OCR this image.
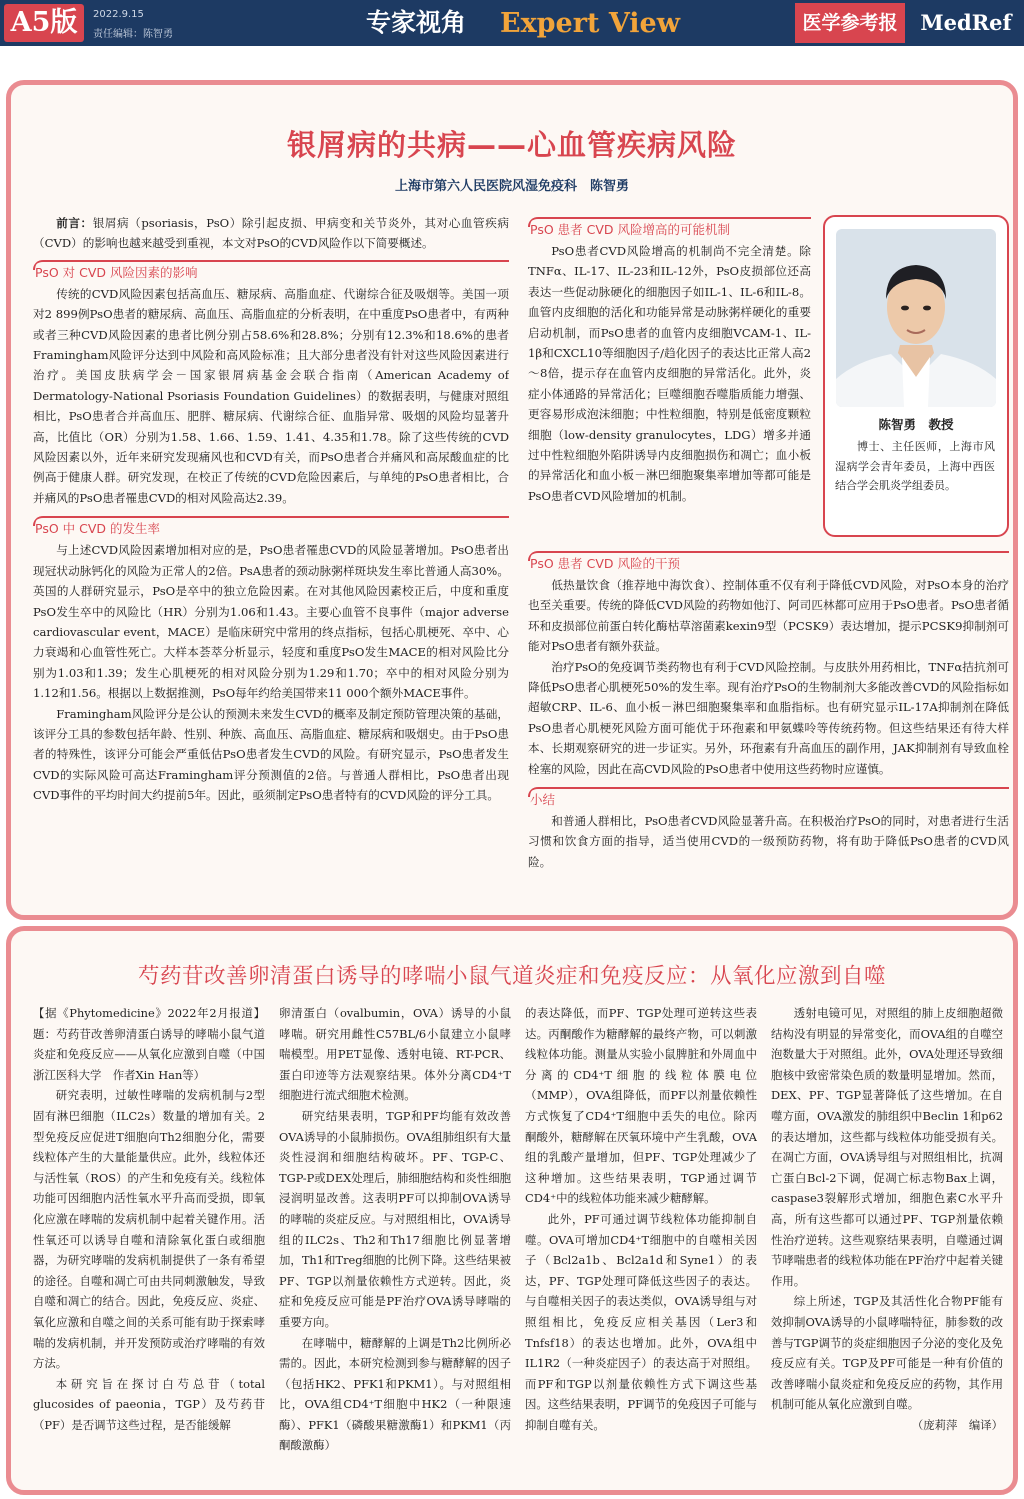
A5版	2022.9.15
责任编辑：陈智勇	专家视角 Expert View	医学参考报	MedRef
银屑病的共病——心血管疾病风险
上海市第六人民医院风湿免疫科　陈智勇

前言：银屑病（psoriasis，PsO）除引起皮损、甲病变和关节炎外，其对心血管疾病（CVD）的影响也越来越受到重视，本文对PsO的CVD风险作以下简要概述。

PsO 对 CVD 风险因素的影响

传统的CVD风险因素包括高血压、糖尿病、高脂血症、代谢综合征及吸烟等。美国一项对2 899例PsO患者的糖尿病、高血压、高脂血症的分析表明，在中重度PsO患者中，有两种或者三种CVD风险因素的患者比例分别占58.6%和28.8%；分别有12.3%和18.6%的患者Framingham风险评分达到中风险和高风险标准；且大部分患者没有针对这些风险因素进行治疗。美国皮肤病学会－国家银屑病基金会联合指南（American Academy of Dermatology-National Psoriasis Foundation Guidelines）的数据表明，与健康对照组相比，PsO患者合并高血压、肥胖、糖尿病、代谢综合征、血脂异常、吸烟的风险均显著升高，比值比（OR）分别为1.58、1.66、1.59、1.41、4.35和1.78。除了这些传统的CVD风险因素以外，近年来研究发现痛风也和CVD有关，而PsO患者合并痛风和高尿酸血症的比例高于健康人群。研究发现，在校正了传统的CVD危险因素后，与单纯的PsO患者相比，合并痛风的PsO患者罹患CVD的相对风险高达2.39。

PsO 中 CVD 的发生率

与上述CVD风险因素增加相对应的是，PsO患者罹患CVD的风险显著增加。PsO患者出现冠状动脉钙化的风险为正常人的2倍。PsA患者的颈动脉粥样斑块发生率比普通人高30%。英国的人群研究显示，PsO是卒中的独立危险因素。在对其他风险因素校正后，中度和重度PsO发生卒中的风险比（HR）分别为1.06和1.43。主要心血管不良事件（major adverse cardiovascular event，MACE）是临床研究中常用的终点指标，包括心肌梗死、卒中、心力衰竭和心血管性死亡。大样本荟萃分析显示，轻度和重度PsO发生MACE的相对风险比分别为1.03和1.39；发生心肌梗死的相对风险分别为1.29和1.70；卒中的相对风险分别为1.12和1.56。根据以上数据推测，PsO每年约给美国带来11 000个额外MACE事件。

Framingham风险评分是公认的预测未来发生CVD的概率及制定预防管理决策的基础，该评分工具的参数包括年龄、性别、种族、高血压、高脂血症、糖尿病和吸烟史。由于PsO患者的特殊性，该评分可能会严重低估PsO患者发生CVD的风险。有研究显示，PsO患者发生CVD的实际风险可高达Framingham评分预测值的2倍。与普通人群相比，PsO患者出现CVD事件的平均时间大约提前5年。因此，亟须制定PsO患者特有的CVD风险的评分工具。

PsO 患者 CVD 风险增高的可能机制

PsO患者CVD风险增高的机制尚不完全清楚。除TNFα、IL-17、IL-23和IL-12外，PsO皮损部位还高表达一些促动脉硬化的细胞因子如IL-1、IL-6和IL-8。血管内皮细胞的活化和功能异常是动脉粥样硬化的重要启动机制，而PsO患者的血管内皮细胞VCAM-1、IL-1β和CXCL10等细胞因子/趋化因子的表达比正常人高2～8倍，提示存在血管内皮细胞的异常活化。此外，炎症小体通路的异常活化；巨噬细胞吞噬脂质能力增强、更容易形成泡沫细胞；中性粒细胞，特别是低密度颗粒细胞（low-density granulocytes，LDG）增多并通过中性粒细胞外陷阱诱导内皮细胞损伤和凋亡；血小板的异常活化和血小板－淋巴细胞聚集率增加等都可能是PsO患者CVD风险增加的机制。

陈智勇　教授
博士、主任医师，上海市风湿病学会青年委员，上海中西医结合学会肌炎学组委员。
PsO 患者 CVD 风险的干预

低热量饮食（推荐地中海饮食）、控制体重不仅有利于降低CVD风险，对PsO本身的治疗也至关重要。传统的降低CVD风险的药物如他汀、阿司匹林都可应用于PsO患者。PsO患者循环和皮损部位前蛋白转化酶枯草溶菌素kexin9型（PCSK9）表达增加，提示PCSK9抑制剂可能对PsO患者有额外获益。

治疗PsO的免疫调节类药物也有利于CVD风险控制。与皮肤外用药相比，TNFα拮抗剂可降低PsO患者心肌梗死50%的发生率。现有治疗PsO的生物制剂大多能改善CVD的风险指标如超敏CRP、IL-6、血小板－淋巴细胞聚集率和血脂指标。也有研究显示IL-17A抑制剂在降低PsO患者心肌梗死风险方面可能优于环孢素和甲氨蝶呤等传统药物。但这些结果还有待大样本、长期观察研究的进一步证实。另外，环孢素有升高血压的副作用，JAK抑制剂有导致血栓栓塞的风险，因此在高CVD风险的PsO患者中使用这些药物时应谨慎。

小结

和普通人群相比，PsO患者CVD风险显著升高。在积极治疗PsO的同时，对患者进行生活习惯和饮食方面的指导，适当使用CVD的一级预防药物，将有助于降低PsO患者的CVD风险。

芍药苷改善卵清蛋白诱导的哮喘小鼠气道炎症和免疫反应：从氧化应激到自噬

【据《Phytomedicine》2022年2月报道】题：芍药苷改善卵清蛋白诱导的哮喘小鼠气道炎症和免疫反应——从氧化应激到自噬（中国浙江医科大学　作者Xin Han等）

研究表明，过敏性哮喘的发病机制与2型固有淋巴细胞（ILC2s）数量的增加有关。2型免疫反应促进T细胞向Th2细胞分化，需要线粒体产生的大量能量供应。此外，线粒体还与活性氧（ROS）的产生和免疫有关。线粒体功能可因细胞内活性氧水平升高而受损，即氧化应激在哮喘的发病机制中起着关键作用。活性氧还可以诱导自噬和清除氧化蛋白或细胞器，为研究哮喘的发病机制提供了一条有希望的途径。自噬和凋亡可由共同刺激触发，导致自噬和凋亡的结合。因此，免疫反应、炎症、氧化应激和自噬之间的关系可能有助于探索哮喘的发病机制，并开发预防或治疗哮喘的有效方法。

本研究旨在探讨白芍总苷（total glucosides of paeonia，TGP）及芍药苷（PF）是否调节这些过程，是否能缓解

卵清蛋白（ovalbumin，OVA）诱导的小鼠哮喘。研究用雌性C57BL/6小鼠建立小鼠哮喘模型。用PET显像、透射电镜、RT-PCR、蛋白印迹等方法观察结果。体外分离CD4⁺T细胞进行流式细胞术检测。

研究结果表明，TGP和PF均能有效改善OVA诱导的小鼠肺损伤。OVA组肺组织有大量炎性浸润和细胞结构破坏。PF、TGP-C、TGP-P或DEX处理后，肺细胞结构和炎性细胞浸润明显改善。这表明PF可以抑制OVA诱导的哮喘的炎症反应。与对照组相比，OVA诱导组的ILC2s、Th2和Th17细胞比例显著增加，Th1和Treg细胞的比例下降。这些结果被PF、TGP以剂量依赖性方式逆转。因此，炎症和免疫反应可能是PF治疗OVA诱导哮喘的重要方向。

在哮喘中，糖酵解的上调是Th2比例所必需的。因此，本研究检测到参与糖酵解的因子（包括HK2、PFK1和PKM1）。与对照组相比，OVA组CD4⁺T细胞中HK2（一种限速酶）、PFK1（磷酸果糖激酶1）和PKM1（丙酮酸激酶）

的表达降低，而PF、TGP处理可逆转这些表达。丙酮酸作为糖酵解的最终产物，可以刺激线粒体功能。测量从实验小鼠脾脏和外周血中分离的CD4⁺T细胞的线粒体膜电位（MMP），OVA组降低，而PF以剂量依赖性方式恢复了CD4⁺T细胞中丢失的电位。除丙酮酸外，糖酵解在厌氧环境中产生乳酸，OVA组的乳酸产量增加，但PF、TGP处理减少了这种增加。这些结果表明，TGP通过调节CD4⁺中的线粒体功能来减少糖酵解。

此外，PF可通过调节线粒体功能抑制自噬。OVA可增加CD4⁺T细胞中的自噬相关因子（Bcl2a1b、Bcl2a1d和Syne1）的表达，PF、TGP处理可降低这些因子的表达。与自噬相关因子的表达类似，OVA诱导组与对照组相比，免疫反应相关基因（Ler3和Tnfsf18）的表达也增加。此外，OVA组中IL1R2（一种炎症因子）的表达高于对照组。而PF和TGP以剂量依赖性方式下调这些基因。这些结果表明，PF调节的免疫因子可能与抑制自噬有关。

透射电镜可见，对照组的肺上皮细胞超微结构没有明显的异常变化，而OVA组的自噬空泡数量大于对照组。此外，OVA处理还导致细胞核中致密常染色质的数量明显增加。然而，DEX、PF、TGP显著降低了这些增加。在自噬方面，OVA激发的肺组织中Beclin 1和p62的表达增加，这些都与线粒体功能受损有关。在凋亡方面，OVA诱导组与对照组相比，抗凋亡蛋白Bcl-2下调，促凋亡标志物Bax上调，caspase3裂解形式增加，细胞色素C水平升高，所有这些都可以通过PF、TGP剂量依赖性治疗逆转。这些观察结果表明，自噬通过调节哮喘患者的线粒体功能在PF治疗中起着关键作用。

综上所述，TGP及其活性化合物PF能有效抑制OVA诱导的小鼠哮喘特征，肺参数的改善与TGP调节的炎症细胞因子分泌的变化及免疫反应有关。TGP及PF可能是一种有价值的改善哮喘小鼠炎症和免疫反应的药物，其作用机制可能从氧化应激到自噬。

（庞莉萍　编译）
